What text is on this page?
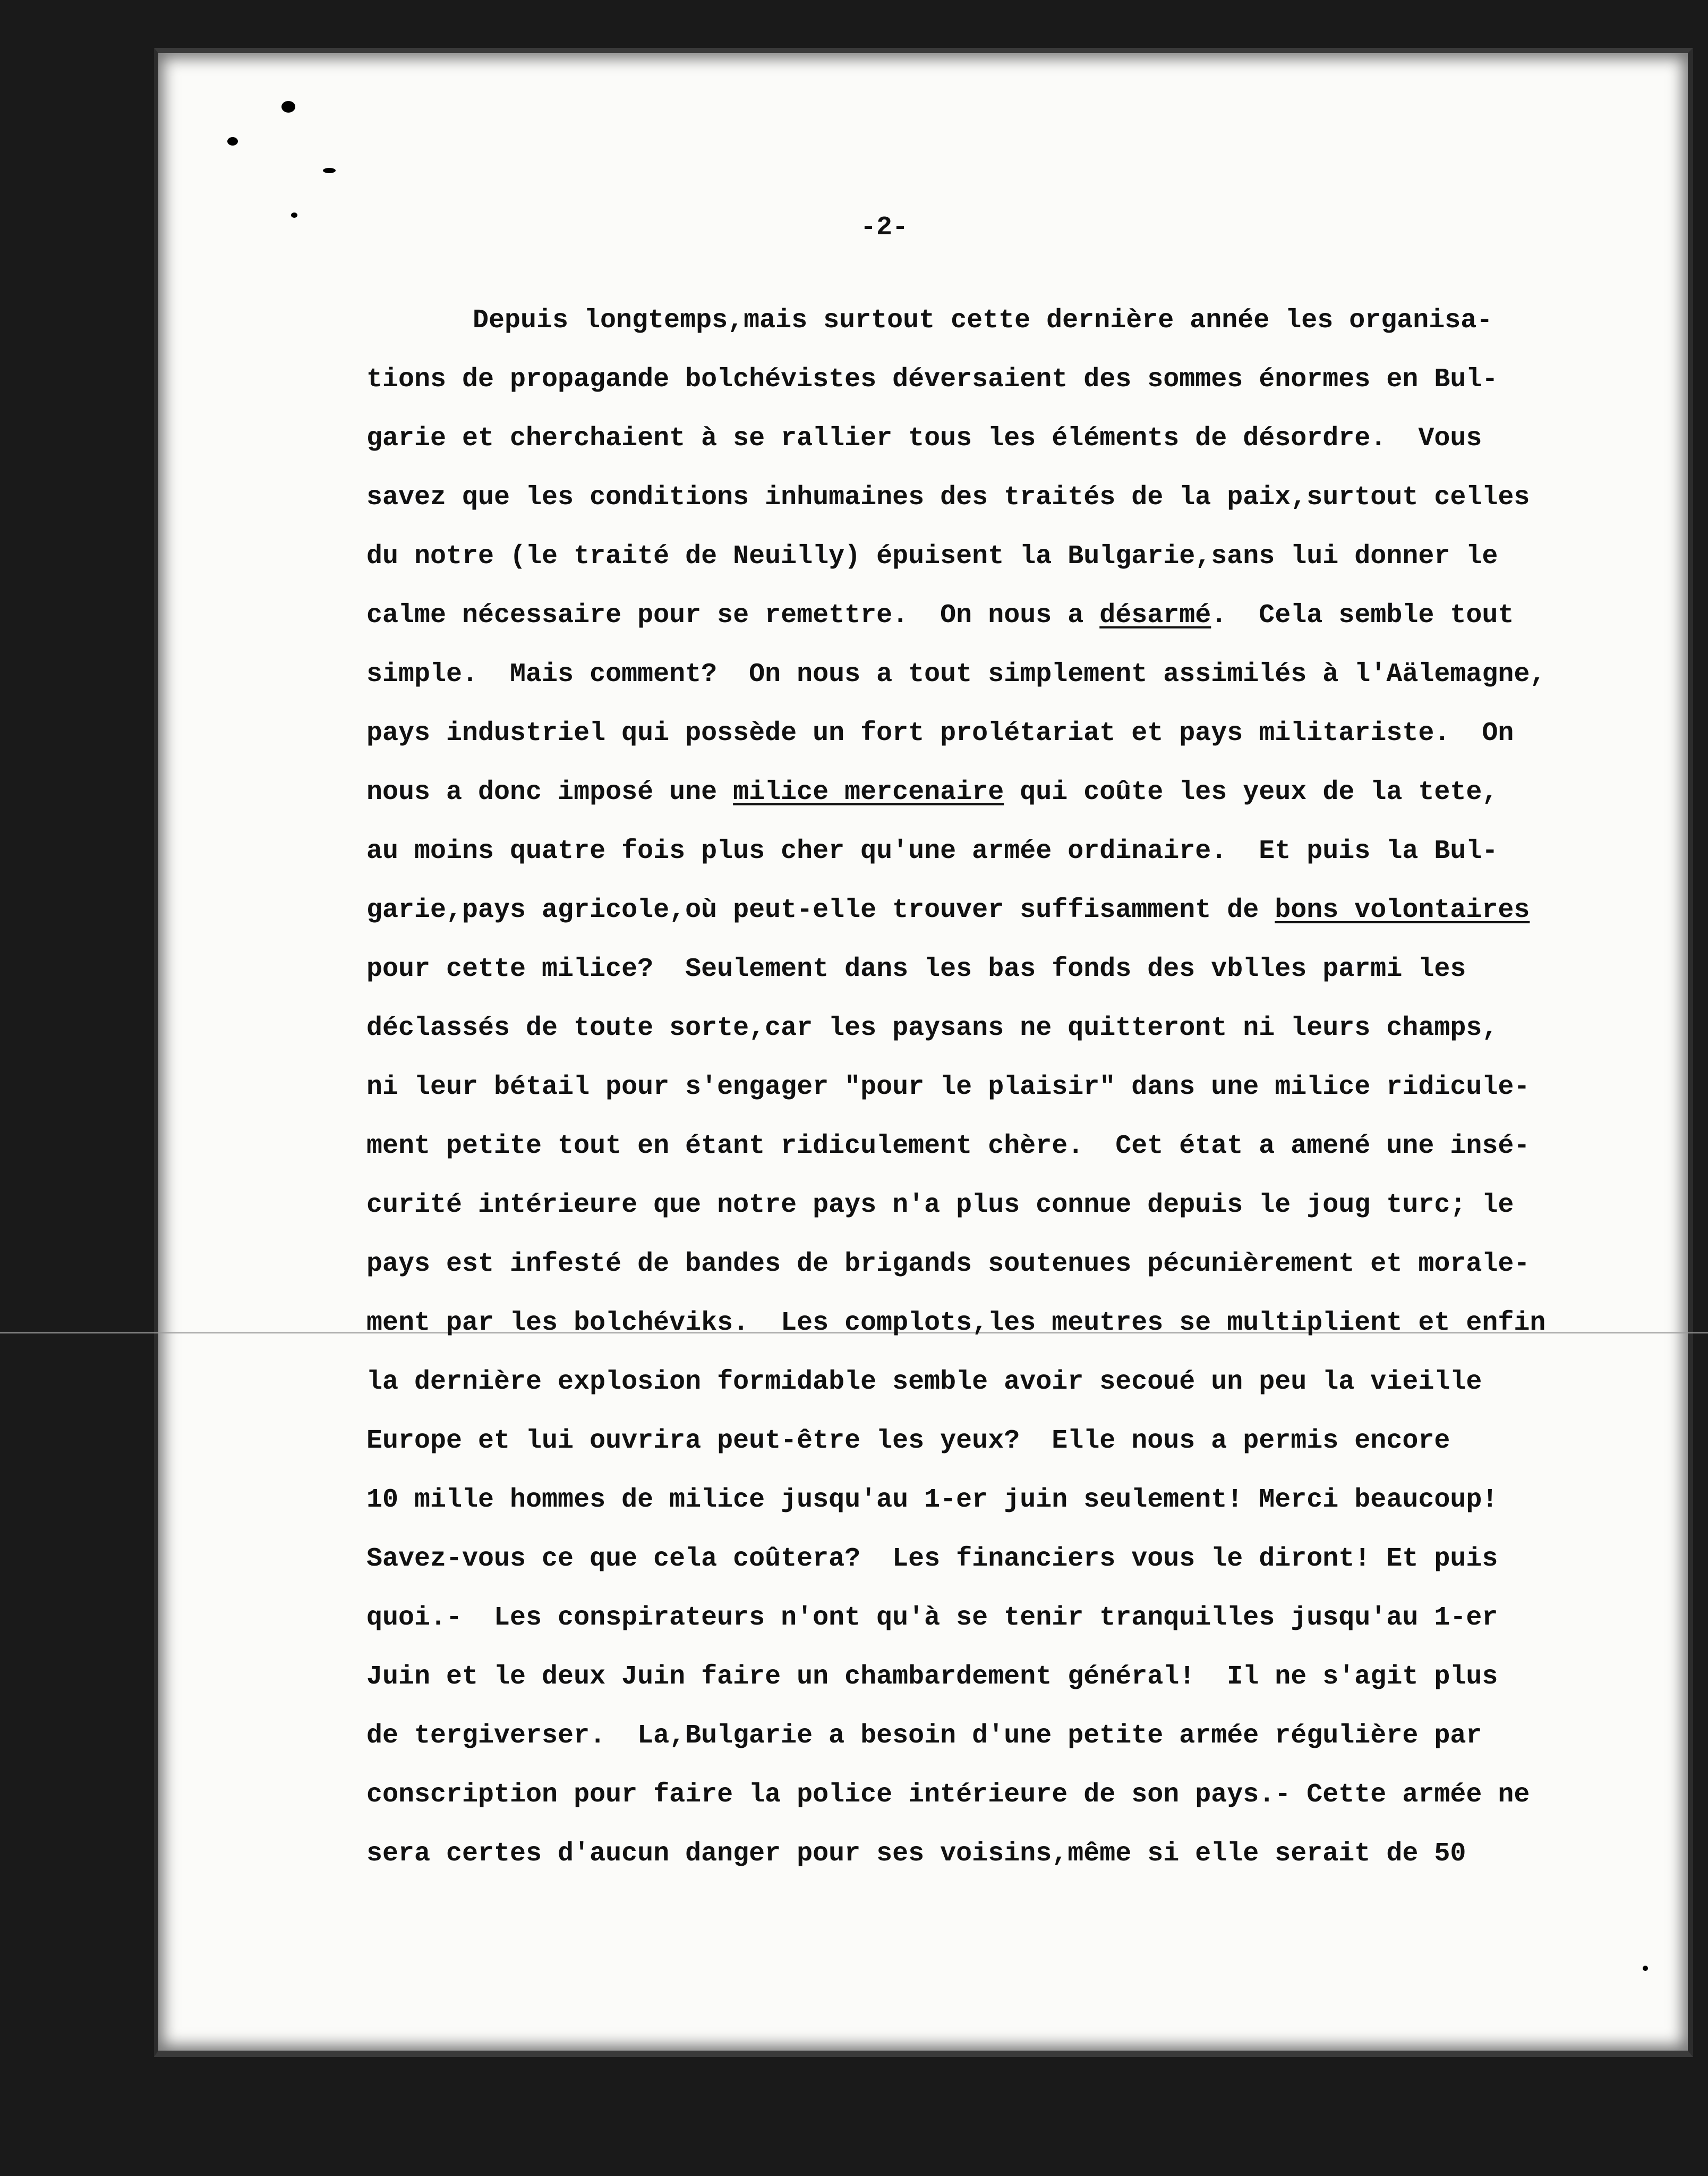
-2-
Depuis longtemps,mais surtout cette dernière année les organisa-
tions de propagande bolchévistes déversaient des sommes énormes en Bul-
garie et cherchaient à se rallier tous les éléments de désordre.  Vous
savez que les conditions inhumaines des traités de la paix,surtout celles
du notre (le traité de Neuilly) épuisent la Bulgarie,sans lui donner le
calme nécessaire pour se remettre.  On nous a désarmé.  Cela semble tout
simple.  Mais comment?  On nous a tout simplement assimilés à l'Aälemagne,
pays industriel qui possède un fort prolétariat et pays militariste.  On
nous a donc imposé une milice mercenaire qui coûte les yeux de la tete,
au moins quatre fois plus cher qu'une armée ordinaire.  Et puis la Bul-
garie,pays agricole,où peut-elle trouver suffisamment de bons volontaires
pour cette milice?  Seulement dans les bas fonds des vblles parmi les
déclassés de toute sorte,car les paysans ne quitteront ni leurs champs,
ni leur bétail pour s'engager "pour le plaisir" dans une milice ridicule-
ment petite tout en étant ridiculement chère.  Cet état a amené une insé-
curité intérieure que notre pays n'a plus connue depuis le joug turc; le
pays est infesté de bandes de brigands soutenues pécunièrement et morale-
ment par les bolchéviks.  Les complots,les meutres se multiplient et enfin
la dernière explosion formidable semble avoir secoué un peu la vieille
Europe et lui ouvrira peut-être les yeux?  Elle nous a permis encore
10 mille hommes de milice jusqu'au 1-er juin seulement! Merci beaucoup!
Savez-vous ce que cela coûtera?  Les financiers vous le diront! Et puis
quoi.-  Les conspirateurs n'ont qu'à se tenir tranquilles jusqu'au 1-er
Juin et le deux Juin faire un chambardement général!  Il ne s'agit plus
de tergiverser.  La,Bulgarie a besoin d'une petite armée régulière par
conscription pour faire la police intérieure de son pays.- Cette armée ne
sera certes d'aucun danger pour ses voisins,même si elle serait de 50
